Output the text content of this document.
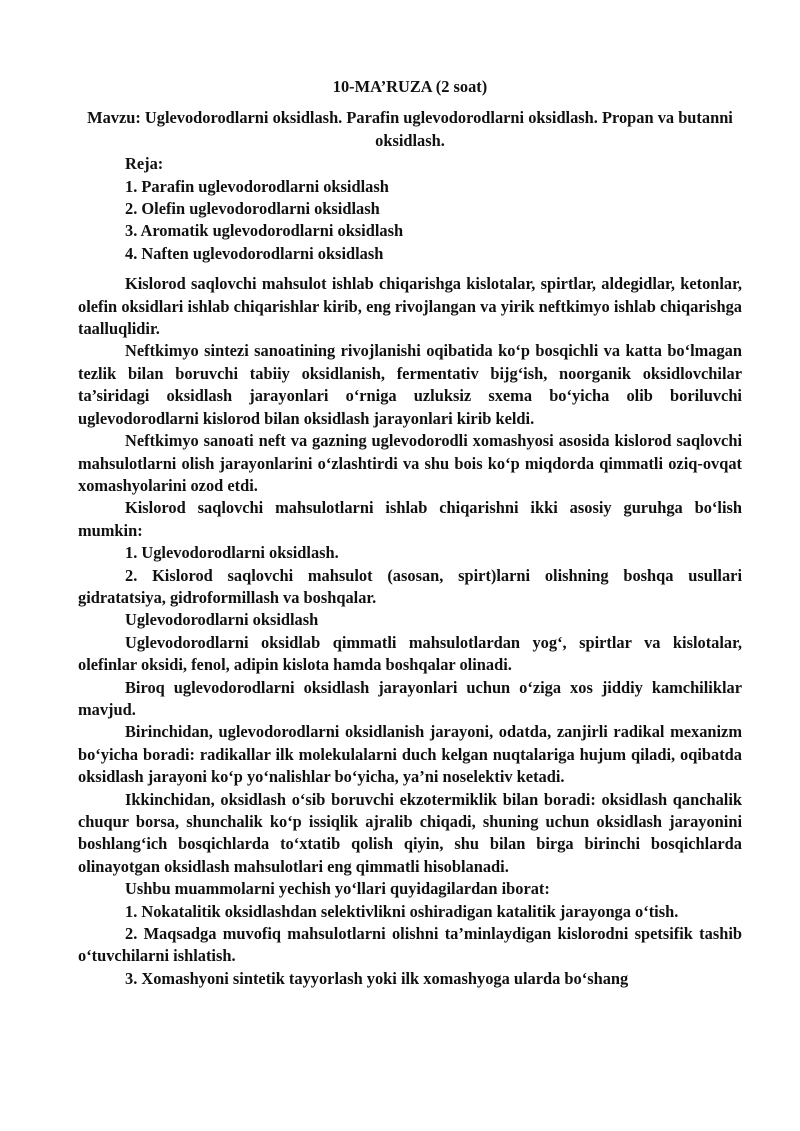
10-MA’RUZA (2 soat)
Mavzu: Uglevodorodlarni oksidlash. Parafin uglevodorodlarni oksidlash. Propan va butanni oksidlash.
Reja:
1. Parafin uglevodorodlarni oksidlash
2. Olefin uglevodorodlarni oksidlash
3. Aromatik uglevodorodlarni oksidlash
4. Naften uglevodorodlarni oksidlash

Kislorod saqlovchi mahsulot ishlab chiqarishga kislotalar, spirtlar, aldegidlar, ketonlar, olefin oksidlari ishlab chiqarishlar kirib, eng rivojlangan va yirik neftkimyo ishlab chiqarishga taalluqlidir.

Neftkimyo sintezi sanoatining rivojlanishi oqibatida ko‘p bosqichli va katta bo‘lmagan tezlik bilan boruvchi tabiiy oksidlanish, fermentativ bijg‘ish, noorganik oksidlovchilar ta’siridagi oksidlash jarayonlari o‘rniga uzluksiz sxema bo‘yicha olib boriluvchi uglevodorodlarni kislorod bilan oksidlash jarayonlari kirib keldi.

Neftkimyo sanoati neft va gazning uglevodorodli xomashyosi asosida kislorod saqlovchi mahsulotlarni olish jarayonlarini o‘zlashtirdi va shu bois ko‘p miqdorda qimmatli oziq-ovqat xomashyolarini ozod etdi.

Kislorod saqlovchi mahsulotlarni ishlab chiqarishni ikki asosiy guruhga bo‘lish mumkin:

1. Uglevodorodlarni oksidlash.

2. Kislorod saqlovchi mahsulot (asosan, spirt)larni olishning boshqa usullari gidratatsiya, gidroformillash va boshqalar.

Uglevodorodlarni oksidlash

Uglevodorodlarni oksidlab qimmatli mahsulotlardan yog‘, spirtlar va kislotalar, olefinlar oksidi, fenol, adipin kislota hamda boshqalar olinadi.

Biroq uglevodorodlarni oksidlash jarayonlari uchun o‘ziga xos jiddiy kamchiliklar mavjud.

Birinchidan, uglevodorodlarni oksidlanish jarayoni, odatda, zanjirli radikal mexanizm bo‘yicha boradi: radikallar ilk molekulalarni duch kelgan nuqtalariga hujum qiladi, oqibatda oksidlash jarayoni ko‘p yo‘nalishlar bo‘yicha, ya’ni noselektiv ketadi.

Ikkinchidan, oksidlash o‘sib boruvchi ekzotermiklik bilan boradi: oksidlash qanchalik chuqur borsa, shunchalik ko‘p issiqlik ajralib chiqadi, shuning uchun oksidlash jarayonini boshlang‘ich bosqichlarda to‘xtatib qolish qiyin, shu bilan birga birinchi bosqichlarda olinayotgan oksidlash mahsulotlari eng qimmatli hisoblanadi.

Ushbu muammolarni yechish yo‘llari quyidagilardan iborat:

1. Nokatalitik oksidlashdan selektivlikni oshiradigan katalitik jarayonga o‘tish.

2. Maqsadga muvofiq mahsulotlarni olishni ta’minlaydigan kislorodni spetsifik tashib o‘tuvchilarni ishlatish.

3. Xomashyoni sintetik tayyorlash yoki ilk xomashyoga ularda bo‘shang
